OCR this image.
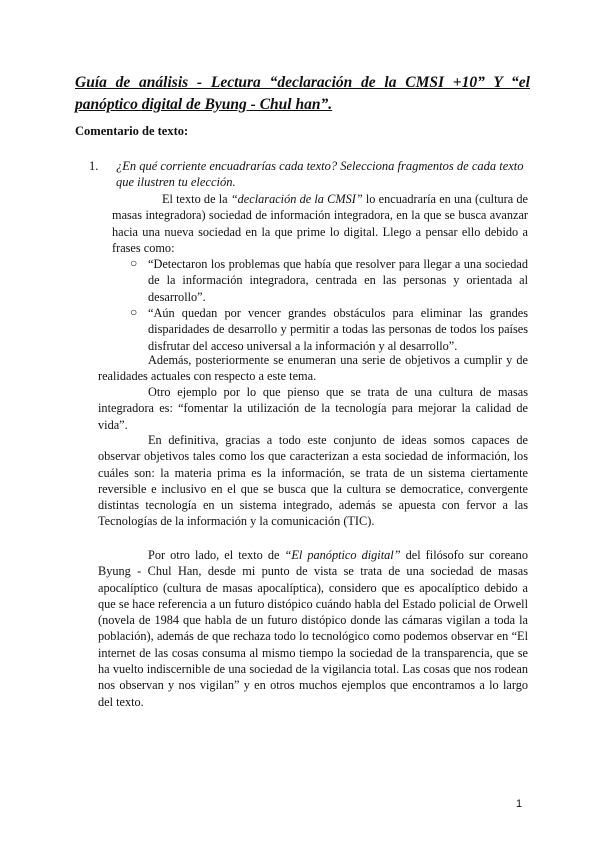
Guía de análisis - Lectura “declaración de la CMSI +10” Y “el panóptico digital de Byung - Chul han”.
Comentario de texto:
1. ¿En qué corriente encuadrarías cada texto? Selecciona fragmentos de cada texto que ilustren tu elección.
El texto de la “declaración de la CMSI” lo encuadraría en una (cultura de masas integradora) sociedad de información integradora, en la que se busca avanzar hacia una nueva sociedad en la que prime lo digital. Llego a pensar ello debido a frases como:
○ “Detectaron los problemas que había que resolver para llegar a una sociedad de la información integradora, centrada en las personas y orientada al desarrollo”.
○ “Aún quedan por vencer grandes obstáculos para eliminar las grandes disparidades de desarrollo y permitir a todas las personas de todos los países disfrutar del acceso universal a la información y al desarrollo”.
Además, posteriormente se enumeran una serie de objetivos a cumplir y de realidades actuales con respecto a este tema.
Otro ejemplo por lo que pienso que se trata de una cultura de masas integradora es: “fomentar la utilización de la tecnología para mejorar la calidad de vida”.
En definitiva, gracias a todo este conjunto de ideas somos capaces de observar objetivos tales como los que caracterizan a esta sociedad de información, los cuáles son: la materia prima es la información, se trata de un sistema ciertamente reversible e inclusivo en el que se busca que la cultura se democratice, convergente distintas tecnología en un sistema integrado, además se apuesta con fervor a las Tecnologías de la información y la comunicación (TIC).
Por otro lado, el texto de “El panóptico digital” del filósofo sur coreano Byung - Chul Han, desde mi punto de vista se trata de una sociedad de masas apocalíptico (cultura de masas apocalíptica), considero que es apocalíptico debido a que se hace referencia a un futuro distópico cuándo habla del Estado policial de Orwell (novela de 1984 que habla de un futuro distópico donde las cámaras vigilan a toda la población), además de que rechaza todo lo tecnológico como podemos observar en “El internet de las cosas consuma al mismo tiempo la sociedad de la transparencia, que se ha vuelto indiscernible de una sociedad de la vigilancia total. Las cosas que nos rodean nos observan y nos vigilan” y en otros muchos ejemplos que encontramos a lo largo del texto.
1
